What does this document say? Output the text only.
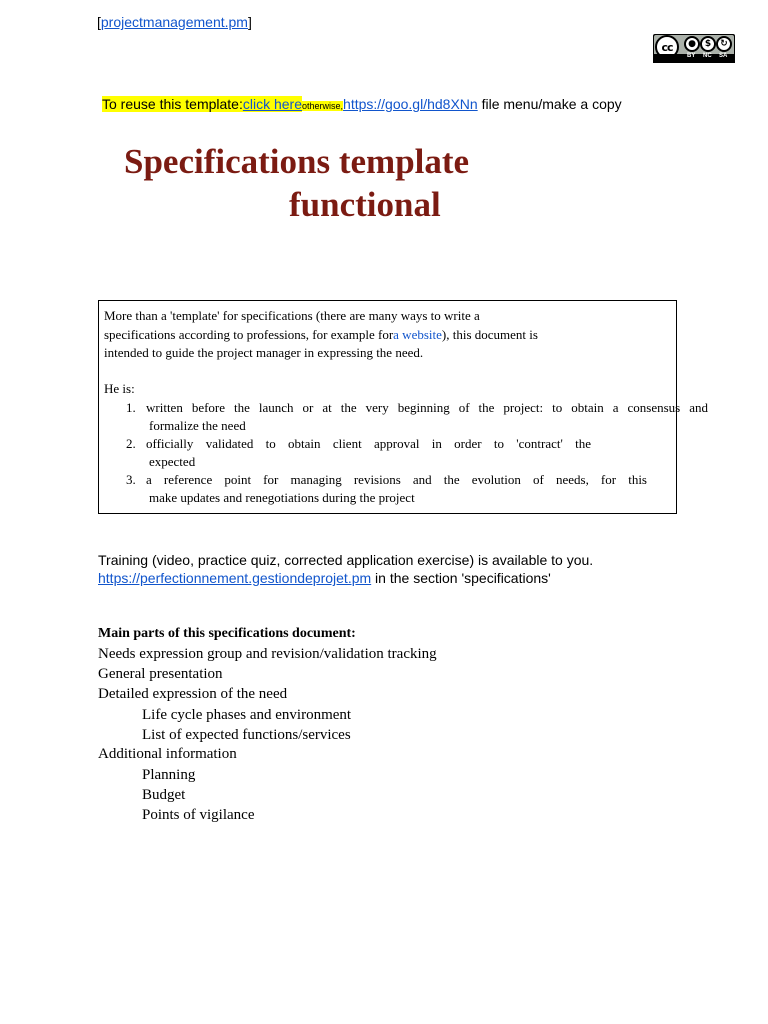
[projectmanagement.pm]
cc	● $	↻
BY NC SA
To reuse this template:click hereotherwise,https://goo.gl/hd8XNn file menu/make a copy
Specifications template
functional
More than a 'template' for specifications (there are many ways to write a
specifications according to professions, for example fora website), this document is
intended to guide the project manager in expressing the need.
He is:
1. written before the launch or at the very beginning of the project: to obtain a consensus and
formalize the need
2. officially validated to obtain client approval in order to 'contract' the
expected
3. a reference point for managing revisions and the evolution of needs, for this
make updates and renegotiations during the project
Training (video, practice quiz, corrected application exercise) is available to you.
https://perfectionnement.gestiondeprojet.pm in the section 'specifications'
Main parts of this specifications document:
Needs expression group and revision/validation tracking
General presentation
Detailed expression of the need
Life cycle phases and environment
List of expected functions/services
Additional information
Planning
Budget
Points of vigilance
